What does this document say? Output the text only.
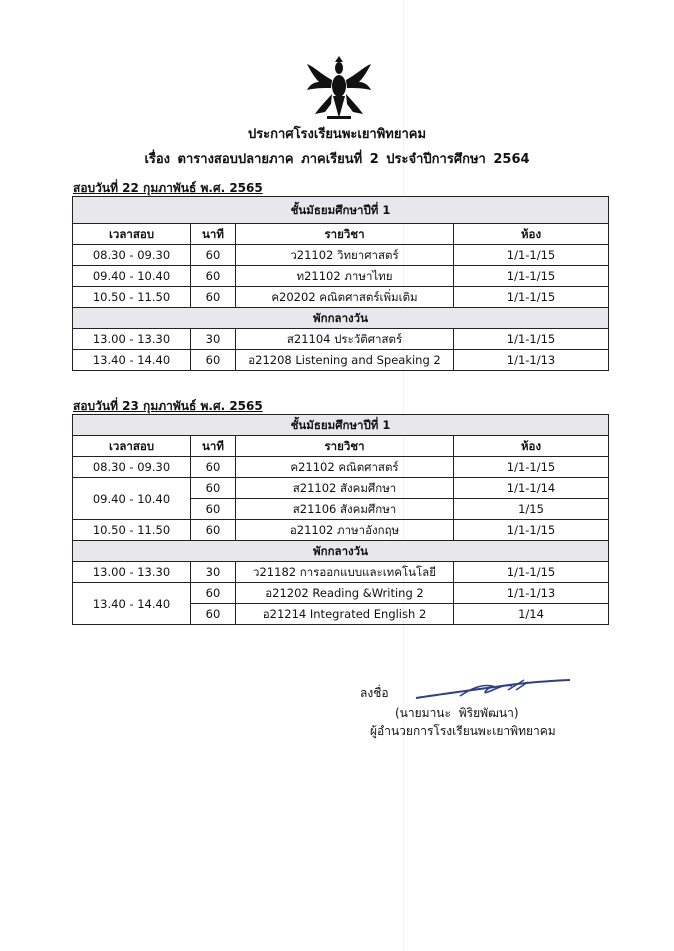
ประกาศโรงเรียนพะเยาพิทยาคม
เรื่อง ตารางสอบปลายภาค ภาคเรียนที่ 2 ประจำปีการศึกษา 2564
สอบวันที่ 22 กุมภาพันธ์ พ.ศ. 2565
ชั้นมัธยมศึกษาปีที่ 1			
เวลาสอบ	นาที	รายวิชา	ห้อง
08.30 - 09.30	60	ว21102 วิทยาศาสตร์	1/1-1/15
09.40 - 10.40	60	ท21102 ภาษาไทย	1/1-1/15
10.50 - 11.50	60	ค20202 คณิตศาสตร์เพิ่มเติม	1/1-1/15
พักกลางวัน			
13.00 - 13.30	30	ส21104 ประวัติศาสตร์	1/1-1/15
13.40 - 14.40	60	อ21208 Listening and Speaking 2	1/1-1/13
สอบวันที่ 23 กุมภาพันธ์ พ.ศ. 2565
ชั้นมัธยมศึกษาปีที่ 1			
เวลาสอบ	นาที	รายวิชา	ห้อง
08.30 - 09.30	60	ค21102 คณิตศาสตร์	1/1-1/15
09.40 - 10.40	60	ส21102 สังคมศึกษา	1/1-1/14
	60	ส21106 สังคมศึกษา	1/15
10.50 - 11.50	60	อ21102 ภาษาอังกฤษ	1/1-1/15
พักกลางวัน			
13.00 - 13.30	30	ว21182 การออกแบบและเทคโนโลยี	1/1-1/15
13.40 - 14.40	60	อ21202 Reading &Writing 2	1/1-1/13
	60	อ21214 Integrated English 2	1/14
ลงชื่อ
(นายมานะ พิริยพัฒนา)
ผู้อำนวยการโรงเรียนพะเยาพิทยาคม
